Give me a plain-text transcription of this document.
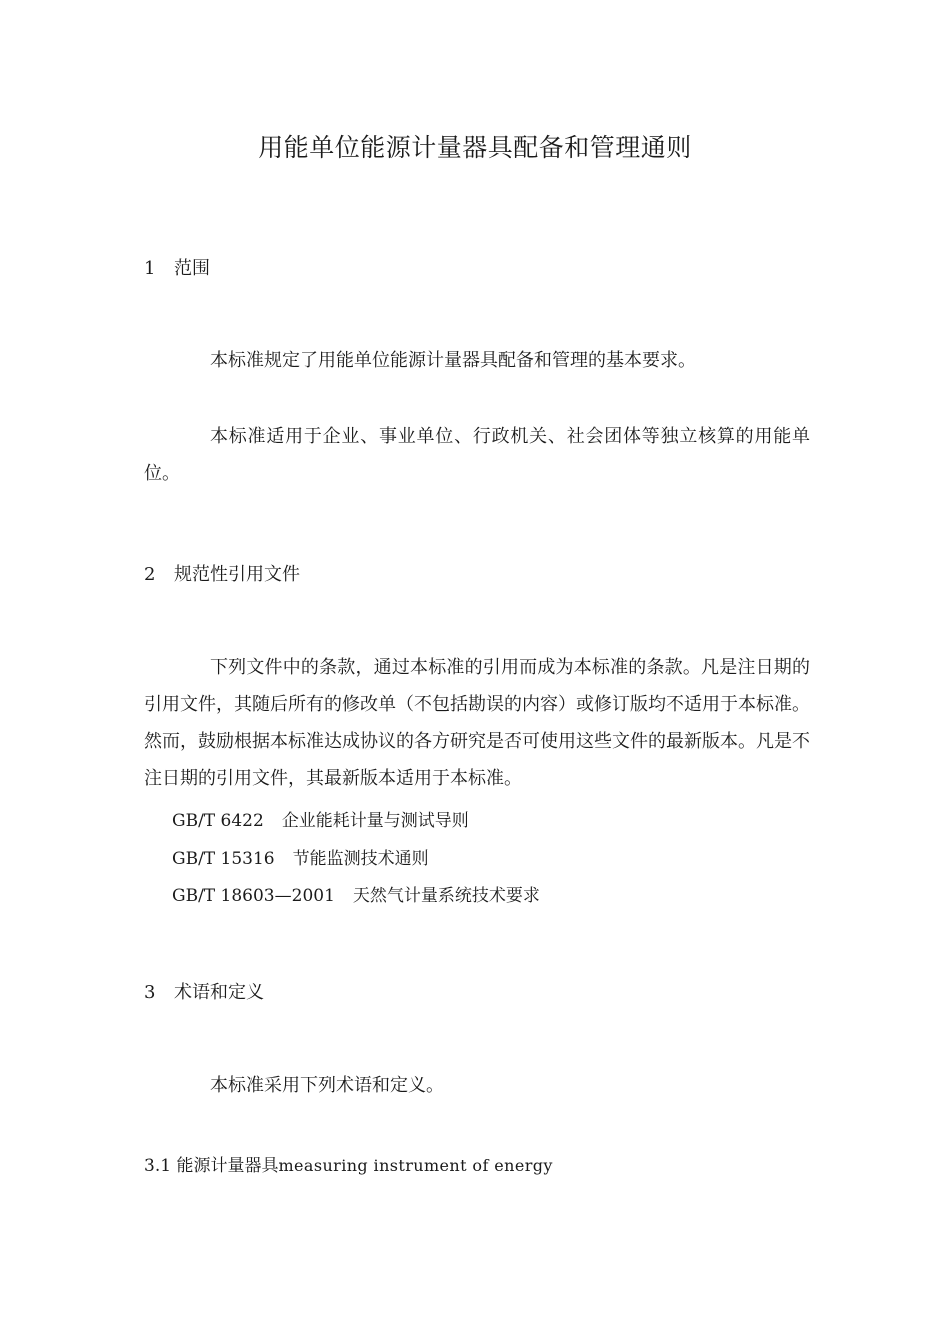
用能单位能源计量器具配备和管理通则
1 范围
本标准规定了用能单位能源计量器具配备和管理的基本要求。
本标准适用于企业、事业单位、行政机关、社会团体等独立核算的用能单位。
2 规范性引用文件
下列文件中的条款，通过本标准的引用而成为本标准的条款。凡是注日期的引用文件，其随后所有的修改单（不包括勘误的内容）或修订版均不适用于本标准。然而，鼓励根据本标准达成协议的各方研究是否可使用这些文件的最新版本。凡是不注日期的引用文件，其最新版本适用于本标准。
GB/T 6422 企业能耗计量与测试导则
GB/T 15316 节能监测技术通则
GB/T 18603—2001 天然气计量系统技术要求
3 术语和定义
本标准采用下列术语和定义。
3.1 能源计量器具measuring instrument of energy
